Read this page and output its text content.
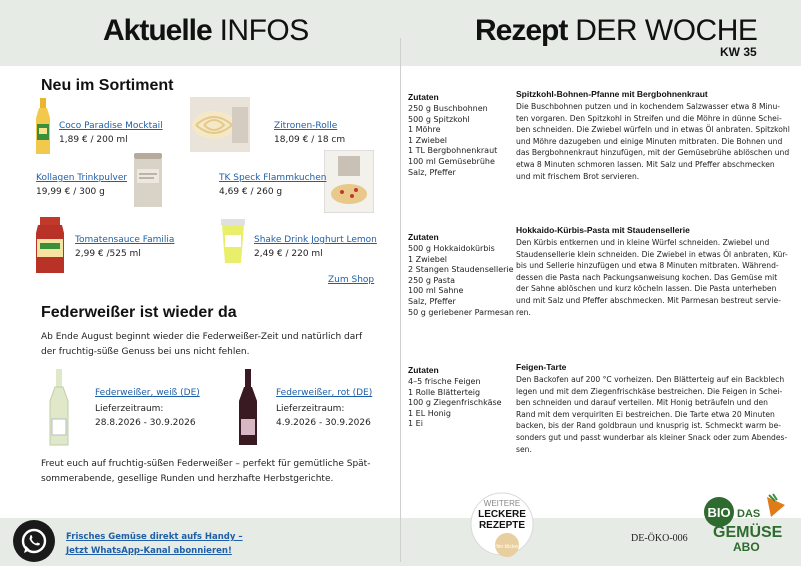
Aktuelle INFOS	Rezept DER WOCHE
KW 35
Neu im Sortiment
Coco Paradise Mocktail
1,89 € / 200 ml
Zitronen-Rolle
18,09 € / 18 cm
Kollagen Trinkpulver
19,99 € / 300 g
TK Speck Flammkuchen
4,69 € / 260 g
Tomatensauce Familia
2,99 € /525 ml
Shake Drink Joghurt Lemon
2,49 € / 220 ml
Zum Shop
Federweißer ist wieder da
Ab Ende August beginnt wieder die Federweißer-Zeit und natürlich darf
der fruchtig-süße Genuss bei uns nicht fehlen.
Federweißer, weiß (DE)
Lieferzeitraum:
28.8.2026 - 30.9.2026
Federweißer, rot (DE)
Lieferzeitraum:
4.9.2026 - 30.9.2026
Freut euch auf fruchtig-süßen Federweißer – perfekt für gemütliche Spät-
sommerabende, gesellige Runden und herzhafte Herbstgerichte.
Zutaten
250 g Buschbohnen
500 g Spitzkohl
1 Möhre
1 Zwiebel
1 TL Bergbohnenkraut
100 ml Gemüsebrühe
Salz, Pfeffer
Spitzkohl-Bohnen-Pfanne mit Bergbohnenkraut
Die Buschbohnen putzen und in kochendem Salzwasser etwa 8 Minu-
ten vorgaren. Den Spitzkohl in Streifen und die Möhre in dünne Schei-
ben schneiden. Die Zwiebel würfeln und in etwas Öl anbraten. Spitzkohl
und Möhre dazugeben und einige Minuten mitbraten. Die Bohnen und
das Bergbohnenkraut hinzufügen, mit der Gemüsebrühe ablöschen und
etwa 8 Minuten schmoren lassen. Mit Salz und Pfeffer abschmecken
und mit frischem Brot servieren.
Zutaten
500 g Hokkaidokürbis
1 Zwiebel
2 Stangen Staudensellerie
250 g Pasta
100 ml Sahne
Salz, Pfeffer
50 g geriebener Parmesan
Hokkaido-Kürbis-Pasta mit Staudensellerie
Den Kürbis entkernen und in kleine Würfel schneiden. Zwiebel und
Staudensellerie klein schneiden. Die Zwiebel in etwas Öl anbraten, Kür-
bis und Sellerie hinzufügen und etwa 8 Minuten mitbraten. Während-
dessen die Pasta nach Packungsanweisung kochen. Das Gemüse mit
der Sahne ablöschen und kurz köcheln lassen. Die Pasta unterheben
und mit Salz und Pfeffer abschmecken. Mit Parmesan bestreut servie-
ren.
Zutaten
4–5 frische Feigen
1 Rolle Blätterteig
100 g Ziegenfrischkäse
1 EL Honig
1 Ei
Feigen-Tarte
Den Backofen auf 200 °C vorheizen. Den Blätterteig auf ein Backblech
legen und mit dem Ziegenfrischkäse bestreichen. Die Feigen in Schei-
ben schneiden und darauf verteilen. Mit Honig beträufeln und den
Rand mit dem verquirlten Ei bestreichen. Die Tarte etwa 20 Minuten
backen, bis der Rand goldbraun und knusprig ist. Schmeckt warm be-
sonders gut und passt wunderbar als kleiner Snack oder zum Abendes-
sen.
Frisches Gemüse direkt aufs Handy –
Jetzt WhatsApp-Kanal abonnieren!
WEITERE
LECKERE
REZEPTE
Hier klicken
DE-ÖKO-006
BIO DAS
GEMÜSE
ABO
